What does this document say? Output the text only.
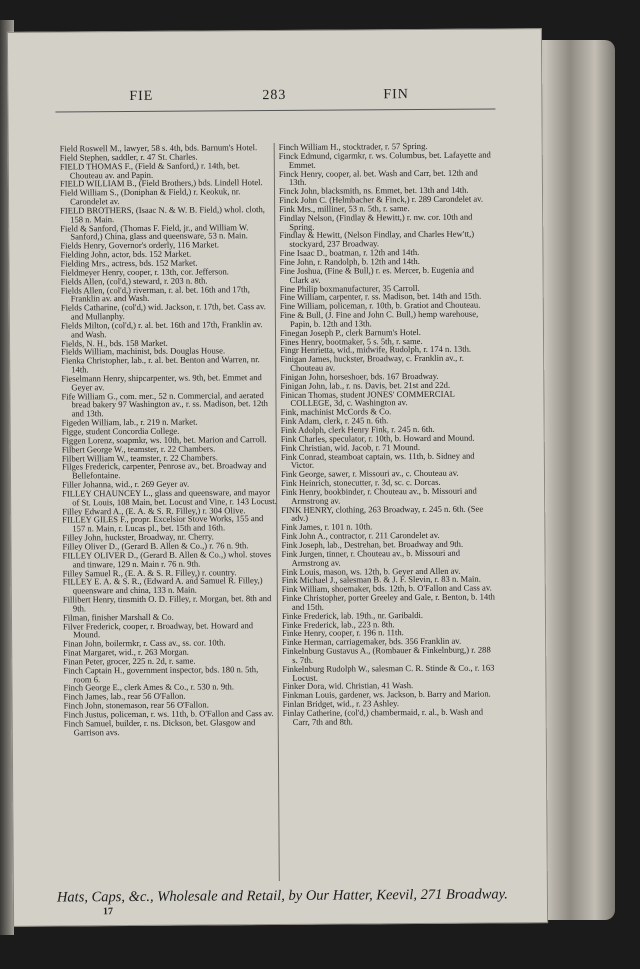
FIE	283	FIN

Field Roswell M., lawyer, 58 s. 4th, bds. Barnum's Hotel.

Field Stephen, saddler, r. 47 St. Charles.

FIELD THOMAS F., (Field & Sanford,) r. 14th, bet. Chouteau av. and Papin.

FIELD WILLIAM B., (Field Brothers,) bds. Lindell Hotel.

Field William S., (Doniphan & Field,) r. Keokuk, nr. Carondelet av.

FIELD BROTHERS, (Isaac N. & W. B. Field,) whol. cloth, 158 n. Main.

Field & Sanford, (Thomas F. Field, jr., and William W. Sanford,) China, glass and queensware, 53 n. Main.

Fields Henry, Governor's orderly, 116 Market.

Fielding John, actor, bds. 152 Market.

Fielding Mrs., actress, bds. 152 Market.

Fieldmeyer Henry, cooper, r. 13th, cor. Jefferson.

Fields Allen, (col'd,) steward, r. 203 n. 8th.

Fields Allen, (col'd,) riverman, r. al. bet. 16th and 17th, Franklin av. and Wash.

Fields Catharine, (col'd,) wid. Jackson, r. 17th, bet. Cass av. and Mullanphy.

Fields Milton, (col'd,) r. al. bet. 16th and 17th, Franklin av. and Wash.

Fields, N. H., bds. 158 Market.

Fields William, machinist, bds. Douglas House.

Fienka Christopher, lab., r. al. bet. Benton and Warren, nr. 14th.

Fieselmann Henry, shipcarpenter, ws. 9th, bet. Emmet and Geyer av.

Fife William G., com. mer., 52 n. Commercial, and aerated bread bakery 97 Washington av., r. ss. Madison, bet. 12th and 13th.

Figeden William, lab., r. 219 n. Market.

Figge, student Concordia College.

Figgen Lorenz, soapmkr, ws. 10th, bet. Marion and Carroll.

Filbert George W., teamster, r. 22 Chambers.

Filbert William W., teamster, r. 22 Chambers.

Filges Frederick, carpenter, Penrose av., bet. Broadway and Bellefontaine.

Filler Johanna, wid., r. 269 Geyer av.

FILLEY CHAUNCEY L., glass and queensware, and mayor of St. Louis, 108 Main, bet. Locust and Vine, r. 143 Locust.

Filley Edward A., (E. A. & S. R. Filley,) r. 304 Olive.

FILLEY GILES F., propr. Excelsior Stove Works, 155 and 157 n. Main, r. Lucas pl., bet. 15th and 16th.

Filley John, huckster, Broadway, nr. Cherry.

Filley Oliver D., (Gerard B. Allen & Co.,) r. 76 n. 9th.

FILLEY OLIVER D., (Gerard B. Allen & Co.,) whol. stoves and tinware, 129 n. Main r. 76 n. 9th.

Filley Samuel R., (E. A. & S. R. Filley,) r. country.

FILLEY E. A. & S. R., (Edward A. and Samuel R. Filley,) queensware and china, 133 n. Main.

Fillibert Henry, tinsmith O. D. Filley, r. Morgan, bet. 8th and 9th.

Filman, finisher Marshall & Co.

Filver Frederick, cooper, r. Broadway, bet. Howard and Mound.

Finan John, boilermkr, r. Cass av., ss. cor. 10th.

Finat Margaret, wid., r. 263 Morgan.

Finan Peter, grocer, 225 n. 2d, r. same.

Finch Captain H., government inspector, bds. 180 n. 5th, room 6.

Finch George E., clerk Ames & Co., r. 530 n. 9th.

Finch James, lab., rear 56 O'Fallon.

Finch John, stonemason, rear 56 O'Fallon.

Finch Justus, policeman, r. ws. 11th, b. O'Fallon and Cass av.

Finch Samuel, builder, r. ns. Dickson, bet. Glasgow and Garrison avs.

Finch William H., stocktrader, r. 57 Spring.

Finck Edmund, cigarmkr, r. ws. Columbus, bet. Lafayette and Emmet.

Finck Henry, cooper, al. bet. Wash and Carr, bet. 12th and 13th.

Finck John, blacksmith, ns. Emmet, bet. 13th and 14th.

Finck John C. (Helmbacher & Finck,) r. 289 Carondelet av.

Fink Mrs., milliner, 53 n. 5th, r. same.

Findlay Nelson, (Findlay & Hewitt,) r. nw. cor. 10th and Spring.

Findlay & Hewitt, (Nelson Findlay, and Charles Hew'tt,) stockyard, 237 Broadway.

Fine Isaac D., boatman, r. 12th and 14th.

Fine John, r. Randolph, b. 12th and 14th.

Fine Joshua, (Fine & Bull,) r. es. Mercer, b. Eugenia and Clark av.

Fine Philip boxmanufacturer, 35 Carroll.

Fine William, carpenter, r. ss. Madison, bet. 14th and 15th.

Fine William, policeman, r. 10th, b. Gratiot and Chouteau.

Fine & Bull, (J. Fine and John C. Bull,) hemp warehouse, Papin, b. 12th and 13th.

Finegan Joseph P., clerk Barnum's Hotel.

Fines Henry, bootmaker, 5 s. 5th, r. same.

Fingr Henrietta, wid., midwife, Rudolph, r. 174 n. 13th.

Finigan James, huckster, Broadway, c. Franklin av., r. Chouteau av.

Finigan John, horseshoer, bds. 167 Broadway.

Finigan John, lab., r. ns. Davis, bet. 21st and 22d.

Finican Thomas, student JONES' COMMERCIAL COLLEGE, 3d, c. Washington av.

Fink, machinist McCords & Co.

Fink Adam, clerk, r. 245 n. 6th.

Fink Adolph, clerk Henry Fink, r. 245 n. 6th.

Fink Charles, speculator, r. 10th, b. Howard and Mound.

Fink Christian, wid. Jacob, r. 71 Mound.

Fink Conrad, steamboat captain, ws. 11th, b. Sidney and Victor.

Fink George, sawer, r. Missouri av., c. Chouteau av.

Fink Heinrich, stonecutter, r. 3d, sc. c. Dorcas.

Fink Henry, bookbinder, r. Chouteau av., b. Missouri and Armstrong av.

FINK HENRY, clothing, 263 Broadway, r. 245 n. 6th. (See adv.)

Fink James, r. 101 n. 10th.

Fink John A., contractor, r. 211 Carondelet av.

Fink Joseph, lab., Destrehan, bet. Broadway and 9th.

Fink Jurgen, tinner, r. Chouteau av., b. Missouri and Armstrong av.

Fink Louis, mason, ws. 12th, b. Geyer and Allen av.

Fink Michael J., salesman B. & J. F. Slevin, r. 83 n. Main.

Fink William, shoemaker, bds. 12th, b. O'Fallon and Cass av.

Finke Christopher, porter Greeley and Gale, r. Benton, b. 14th and 15th.

Finke Frederick, lab. 19th., nr. Garibaldi.

Finke Frederick, lab., 223 n. 8th.

Finke Henry, cooper, r. 196 n. 11th.

Finke Herman, carriagemaker, bds. 356 Franklin av.

Finkelnburg Gustavus A., (Rombauer & Finkelnburg,) r. 288 s. 7th.

Finkelnburg Rudolph W., salesman C. R. Stinde & Co., r. 163 Locust.

Finker Dora, wid. Christian, 41 Wash.

Finkman Louis, gardener, ws. Jackson, b. Barry and Marion.

Finlan Bridget, wid., r. 23 Ashley.

Finlay Catherine, (col'd,) chambermaid, r. al., b. Wash and Carr, 7th and 8th.

Hats, Caps, &c., Wholesale and Retail, by Our Hatter, Keevil, 271 Broadway.
17
